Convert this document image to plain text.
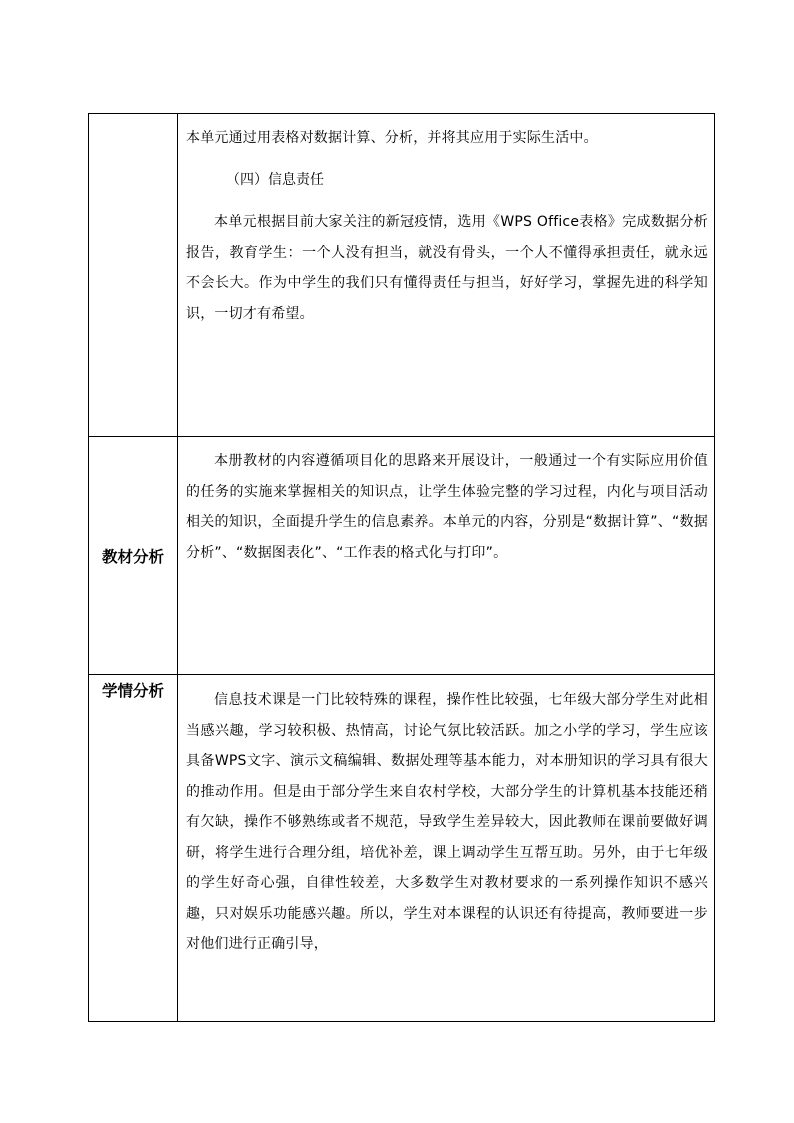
	本单元通过用表格对数据计算、分析，并将其应用于实际生活中。

（四）信息责任

本单元根据目前大家关注的新冠疫情，选用《WPS Office表格》完成数据分析报告，教育学生：一个人没有担当，就没有骨头，一个人不懂得承担责任，就永远不会长大。作为中学生的我们只有懂得责任与担当，好好学习，掌握先进的科学知识，一切才有希望。

教材分析	本册教材的内容遵循项目化的思路来开展设计，一般通过一个有实际应用价值的任务的实施来掌握相关的知识点，让学生体验完整的学习过程，内化与项目活动相关的知识，全面提升学生的信息素养。本单元的内容，分别是“数据计算”、“数据分析”、“数据图表化”、“工作表的格式化与打印”。

学情分析	信息技术课是一门比较特殊的课程，操作性比较强，七年级大部分学生对此相当感兴趣，学习较积极、热情高，讨论气氛比较活跃。加之小学的学习，学生应该具备WPS文字、演示文稿编辑、数据处理等基本能力，对本册知识的学习具有很大的推动作用。但是由于部分学生来自农村学校，大部分学生的计算机基本技能还稍有欠缺，操作不够熟练或者不规范，导致学生差异较大，因此教师在课前要做好调研，将学生进行合理分组，培优补差，课上调动学生互帮互助。另外，由于七年级的学生好奇心强，自律性较差，大多数学生对教材要求的一系列操作知识不感兴趣，只对娱乐功能感兴趣。所以，学生对本课程的认识还有待提高，教师要进一步对他们进行正确引导，
